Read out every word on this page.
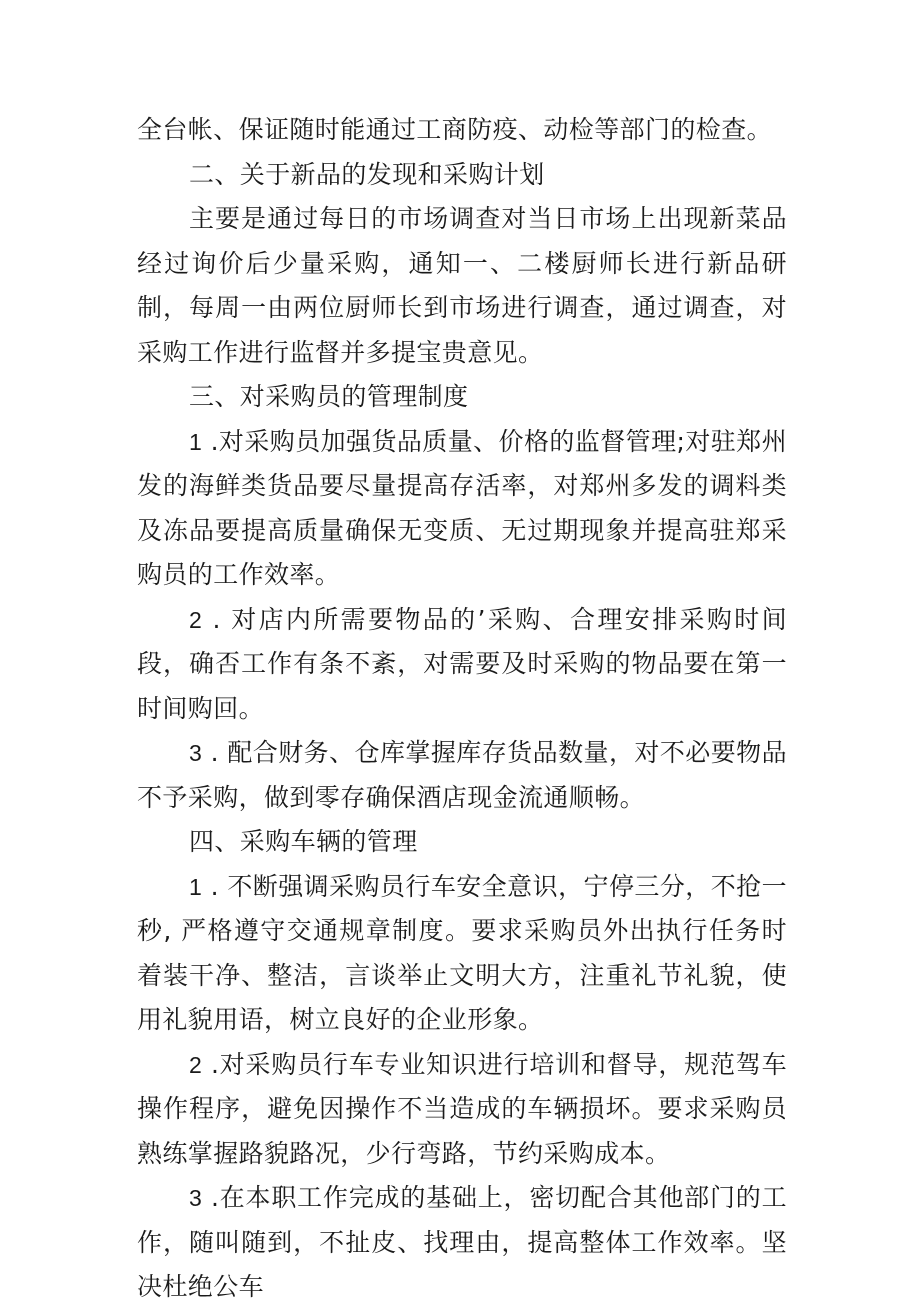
全台帐、保证随时能通过工商防疫、动检等部门的检查。

二、关于新品的发现和采购计划

主要是通过每日的市场调查对当日市场上出现新菜品经过询价后少量采购，通知一、二楼厨师长进行新品研制，每周一由两位厨师长到市场进行调查，通过调查，对采购工作进行监督并多提宝贵意见。

三、对采购员的管理制度

1 .对采购员加强货品质量、价格的监督管理;对驻郑州发的海鲜类货品要尽量提高存活率，对郑州多发的调料类及冻品要提高质量确保无变质、无过期现象并提高驻郑采购员的工作效率。

2 . 对店内所需要物品的’采购、合理安排采购时间段，确否工作有条不紊，对需要及时采购的物品要在第一时间购回。

3 . 配合财务、仓库掌握库存货品数量，对不必要物品不予采购，做到零存确保酒店现金流通顺畅。

四、采购车辆的管理

1 . 不断强调采购员行车安全意识，宁停三分，不抢一秒, 严格遵守交通规章制度。要求采购员外出执行任务时着装干净、整洁，言谈举止文明大方，注重礼节礼貌，使用礼貌用语，树立良好的企业形象。

2 .对采购员行车专业知识进行培训和督导，规范驾车操作程序，避免因操作不当造成的车辆损坏。要求采购员熟练掌握路貌路况，少行弯路，节约采购成本。

3 .在本职工作完成的基础上，密切配合其他部门的工作，随叫随到，不扯皮、找理由，提高整体工作效率。坚决杜绝公车
